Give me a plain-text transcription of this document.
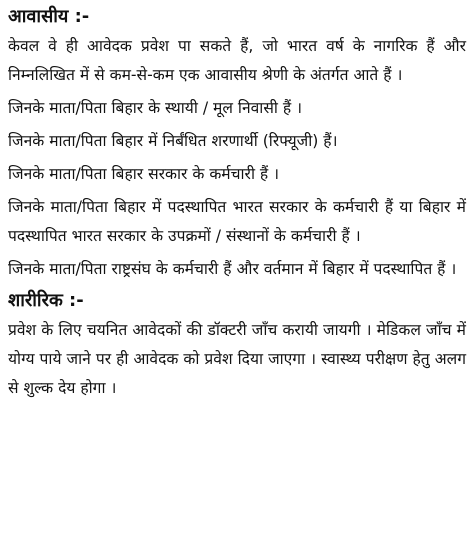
आवासीय :-

केवल वे ही आवेदक प्रवेश पा सकते हैं, जो भारत वर्ष के नागरिक हैं और निम्नलिखित में से कम-से-कम एक आवासीय श्रेणी के अंतर्गत आते हैं ।

जिनके माता/पिता बिहार के स्थायी / मूल निवासी हैं ।

जिनके माता/पिता बिहार में निर्बंधित शरणार्थी (रिफ्यूजी) हैं।

जिनके माता/पिता बिहार सरकार के कर्मचारी हैं ।

जिनके माता/पिता बिहार में पदस्थापित भारत सरकार के कर्मचारी हैं या बिहार में पदस्थापित भारत सरकार के उपक्रमों / संस्थानों के कर्मचारी हैं ।

जिनके माता/पिता राष्ट्रसंघ के कर्मचारी हैं और वर्तमान में बिहार में पदस्थापित हैं ।

शारीरिक :-

प्रवेश के लिए चयनित आवेदकों की डॉक्टरी जाँच करायी जायगी । मेडिकल जाँच में योग्य पाये जाने पर ही आवेदक को प्रवेश दिया जाएगा । स्वास्थ्य परीक्षण हेतु अलग से शुल्क देय होगा ।
